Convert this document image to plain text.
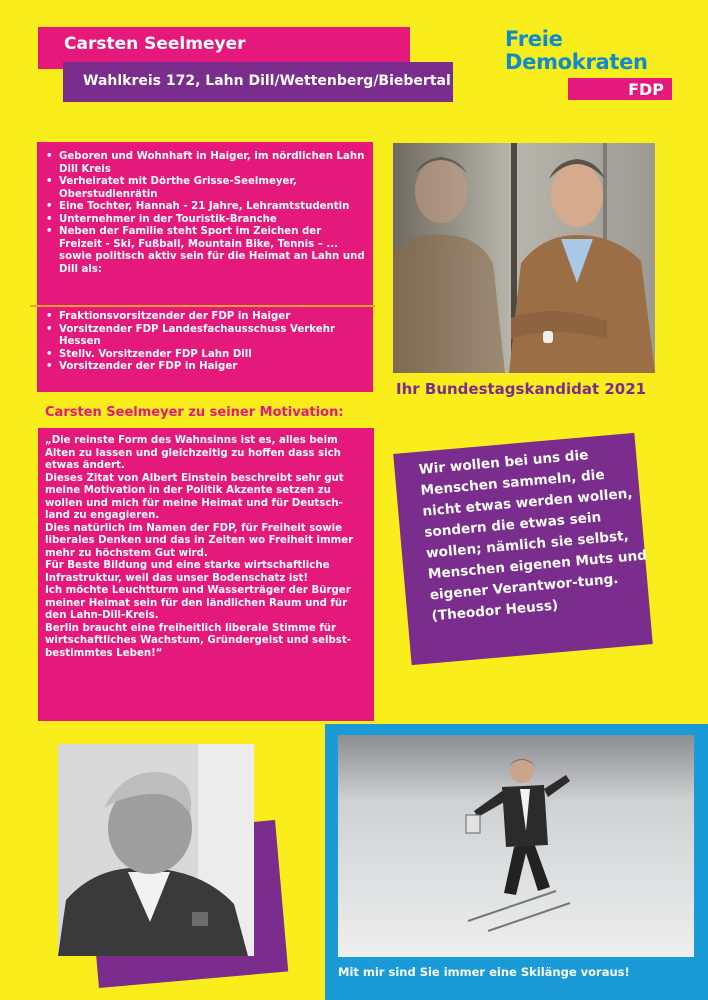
Carsten Seelmeyer
Wahlkreis 172, Lahn Dill/Wettenberg/Biebertal
Freie
Demokraten
FDP
• Geboren und Wohnhaft in Haiger, im nördlichen Lahn Dill Kreis
• Verheiratet mit Dörthe Grisse-Seelmeyer, Oberstudienrätin
• Eine Tochter, Hannah - 21 Jahre, Lehramtstudentin
• Unternehmer in der Touristik-Branche
• Neben der Familie steht Sport im Zeichen der Freizeit - Ski, Fußball, Mountain Bike, Tennis – ... sowie politisch aktiv sein für die Heimat an Lahn und Dill als:
• Fraktionsvorsitzender der FDP in Haiger
• Vorsitzender FDP Landesfachausschuss Verkehr Hessen
• Stellv. Vorsitzender FDP Lahn Dill
• Vorsitzender der FDP in Haiger
Ihr Bundestagskandidat 2021
Carsten Seelmeyer zu seiner Motivation:

„Die reinste Form des Wahnsinns ist es, alles beim Alten zu lassen und gleichzeitig zu hoffen dass sich etwas ändert.
Dieses Zitat von Albert Einstein beschreibt sehr gut meine Motivation in der Politik Akzente setzen zu wollen und mich für meine Heimat und für Deutsch-land zu engagieren.
Dies natürlich im Namen der FDP, für Freiheit sowie liberales Denken und das in Zeiten wo Freiheit immer mehr zu höchstem Gut wird.
Für Beste Bildung und eine starke wirtschaftliche Infrastruktur, weil das unser Bodenschatz ist!
Ich möchte Leuchtturm und Wasserträger der Bürger meiner Heimat sein für den ländlichen Raum und für den Lahn-Dill-Kreis.
Berlin braucht eine freiheitlich liberale Stimme für wirtschaftliches Wachstum, Gründergeist und selbst-bestimmtes Leben!“

Wir wollen bei uns die Menschen sammeln, die nicht etwas werden wollen, sondern die etwas sein wollen; nämlich sie selbst, Menschen eigenen Muts und eigener Verantwor-tung. (Theodor Heuss)

Mit mir sind Sie immer eine Skilänge voraus!
